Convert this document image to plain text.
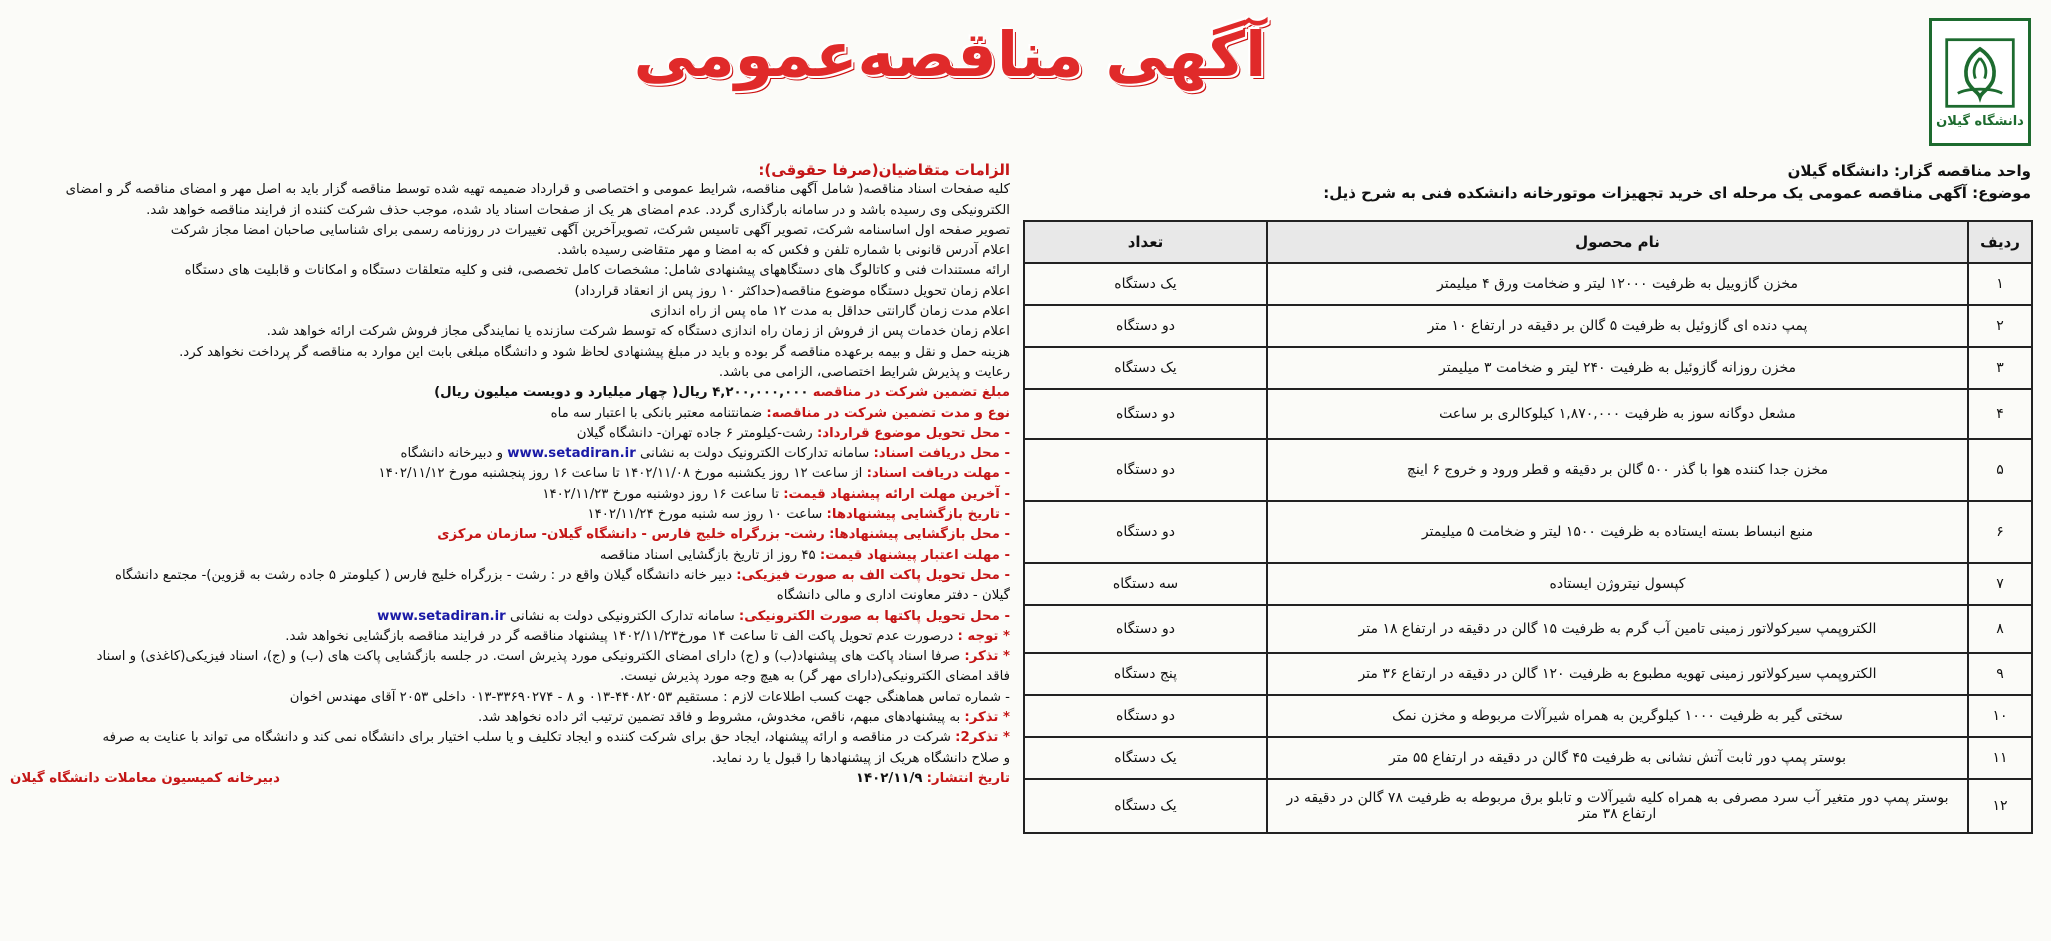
دانشگاه گیلان
آگهی مناقصه‌عمومی
واحد مناقصه گزار: دانشگاه گیلان
موضوع: آگهی مناقصه عمومی یک مرحله ای خرید تجهیزات موتورخانه دانشکده فنی به شرح ذیل:
ردیف	نام محصول	تعداد
۱	مخزن گازوییل به ظرفیت ۱۲۰۰۰ لیتر و ضخامت ورق ۴ میلیمتر	یک دستگاه
۲	پمپ دنده ای گازوئیل به ظرفیت ۵ گالن بر دقیقه در ارتفاع ۱۰ متر	دو دستگاه
۳	مخزن روزانه گازوئیل به ظرفیت ۲۴۰ لیتر و ضخامت ۳ میلیمتر	یک دستگاه
۴	مشعل دوگانه سوز به ظرفیت ۱,۸۷۰,۰۰۰ کیلوکالری بر ساعت	دو دستگاه
۵	مخزن جدا کننده هوا با گذر ۵۰۰ گالن بر دقیقه و قطر ورود و خروج ۶ اینچ	دو دستگاه
۶	منبع انبساط بسته ایستاده به ظرفیت ۱۵۰۰ لیتر و ضخامت ۵ میلیمتر	دو دستگاه
۷	کپسول نیتروژن ایستاده	سه دستگاه
۸	الکتروپمپ سیرکولاتور زمینی تامین آب گرم به ظرفیت ۱۵ گالن در دقیقه در ارتفاع ۱۸ متر	دو دستگاه
۹	الکتروپمپ سیرکولاتور زمینی تهویه مطبوع به ظرفیت ۱۲۰ گالن در دقیقه در ارتفاع ۳۶ متر	پنج دستگاه
۱۰	سختی گیر به ظرفیت ۱۰۰۰ کیلوگرین به همراه شیرآلات مربوطه و مخزن نمک	دو دستگاه
۱۱	بوستر پمپ دور ثابت آتش نشانی به ظرفیت ۴۵ گالن در دقیقه در ارتفاع ۵۵ متر	یک دستگاه
۱۲	بوستر پمپ دور متغیر آب سرد مصرفی به همراه کلیه شیرآلات و تابلو برق مربوطه به ظرفیت ۷۸ گالن در دقیقه در ارتفاع ۳۸ متر	یک دستگاه
الزامات متقاضیان(صرفا حقوقی):
کلیه صفحات اسناد مناقصه( شامل آگهی مناقصه، شرایط عمومی و اختصاصی و قرارداد ضمیمه تهیه شده توسط مناقصه گزار باید به اصل مهر و امضای مناقصه گر و امضای
الکترونیکی وی رسیده باشد و در سامانه بارگذاری گردد. عدم امضای هر یک از صفحات اسناد یاد شده، موجب حذف شرکت کننده از فرایند مناقصه خواهد شد.
تصویر صفحه اول اساسنامه شرکت، تصویر آگهی تاسیس شرکت، تصویرآخرین آگهی تغییرات در روزنامه رسمی برای شناسایی صاحبان امضا مجاز شرکت
اعلام آدرس قانونی با شماره تلفن و فکس که به امضا و مهر متقاضی رسیده باشد.
ارائه مستندات فنی و کاتالوگ های دستگاههای پیشنهادی شامل: مشخصات کامل تخصصی، فنی و کلیه متعلقات دستگاه و امکانات و قابلیت های دستگاه
اعلام زمان تحویل دستگاه موضوع مناقصه(حداکثر ۱۰ روز پس از انعقاد قرارداد)
اعلام مدت زمان گارانتی حداقل به مدت ۱۲ ماه پس از راه اندازی
اعلام زمان خدمات پس از فروش از زمان راه اندازی دستگاه که توسط شرکت سازنده یا نمایندگی مجاز فروش شرکت ارائه خواهد شد.
هزینه حمل و نقل و بیمه برعهده مناقصه گر بوده و باید در مبلغ پیشنهادی لحاظ شود و دانشگاه مبلغی بابت این موارد به مناقصه گر پرداخت نخواهد کرد.
رعایت و پذیرش شرایط اختصاصی، الزامی می باشد.
مبلغ تضمین شرکت در مناقصه ۴,۲۰۰,۰۰۰,۰۰۰ ریال( چهار میلیارد و دویست میلیون ریال)
نوع و مدت تضمین شرکت در مناقصه: ضمانتنامه معتبر بانکی با اعتبار سه ماه
- محل تحویل موضوع قرارداد: رشت-کیلومتر ۶ جاده تهران- دانشگاه گیلان
- محل دریافت اسناد: سامانه تدارکات الکترونیک دولت به نشانی www.setadiran.ir و دبیرخانه دانشگاه
- مهلت دریافت اسناد: از ساعت ۱۲ روز یکشنبه مورخ ۱۴۰۲/۱۱/۰۸ تا ساعت ۱۶ روز پنجشنبه مورخ ۱۴۰۲/۱۱/۱۲
- آخرین مهلت ارائه پیشنهاد قیمت: تا ساعت ۱۶ روز دوشنبه مورخ ۱۴۰۲/۱۱/۲۳
- تاریخ بازگشایی پیشنهادها: ساعت ۱۰ روز سه شنبه مورخ ۱۴۰۲/۱۱/۲۴
- محل بازگشایی پیشنهادها: رشت- بزرگراه خلیج فارس - دانشگاه گیلان- سازمان مرکزی
- مهلت اعتبار پیشنهاد قیمت: ۴۵ روز از تاریخ بازگشایی اسناد مناقصه
- محل تحویل پاکت الف به صورت فیزیکی: دبیر خانه دانشگاه گیلان واقع در : رشت - بزرگراه خلیج فارس ( کیلومتر ۵ جاده رشت به قزوین)- مجتمع دانشگاه
گیلان - دفتر معاونت اداری و مالی دانشگاه
- محل تحویل پاکتها به صورت الکترونیکی: سامانه تدارک الکترونیکی دولت به نشانی www.setadiran.ir
* توجه : درصورت عدم تحویل پاکت الف تا ساعت ۱۴ مورخ۱۴۰۲/۱۱/۲۳ پیشنهاد مناقصه گر در فرایند مناقصه بازگشایی نخواهد شد.
* تذکر: صرفا اسناد پاکت های پیشنهاد(ب) و (ج) دارای امضای الکترونیکی مورد پذیرش است. در جلسه بازگشایی پاکت های (ب) و (ج)، اسناد فیزیکی(کاغذی) و اسناد
فاقد امضای الکترونیکی(دارای مهر گر) به هیچ وجه مورد پذیرش نیست.
- شماره تماس هماهنگی جهت کسب اطلاعات لازم : مستقیم ۴۴۰۸۲۰۵۳-۰۱۳ و ۸ - ۳۳۶۹۰۲۷۴-۰۱۳ داخلی ۲۰۵۳ آقای مهندس اخوان
* تذکر: به پیشنهادهای مبهم، ناقص، مخدوش، مشروط و فاقد تضمین ترتیب اثر داده نخواهد شد.
* تذکر2: شرکت در مناقصه و ارائه پیشنهاد، ایجاد حق برای شرکت کننده و ایجاد تکلیف و یا سلب اختیار برای دانشگاه نمی کند و دانشگاه می تواند با عنایت به صرفه
و صلاح دانشگاه هریک از پیشنهادها را قبول یا رد نماید.
تاریخ انتشار: ۱۴۰۲/۱۱/۹
دبیرخانه کمیسیون معاملات دانشگاه گیلان
